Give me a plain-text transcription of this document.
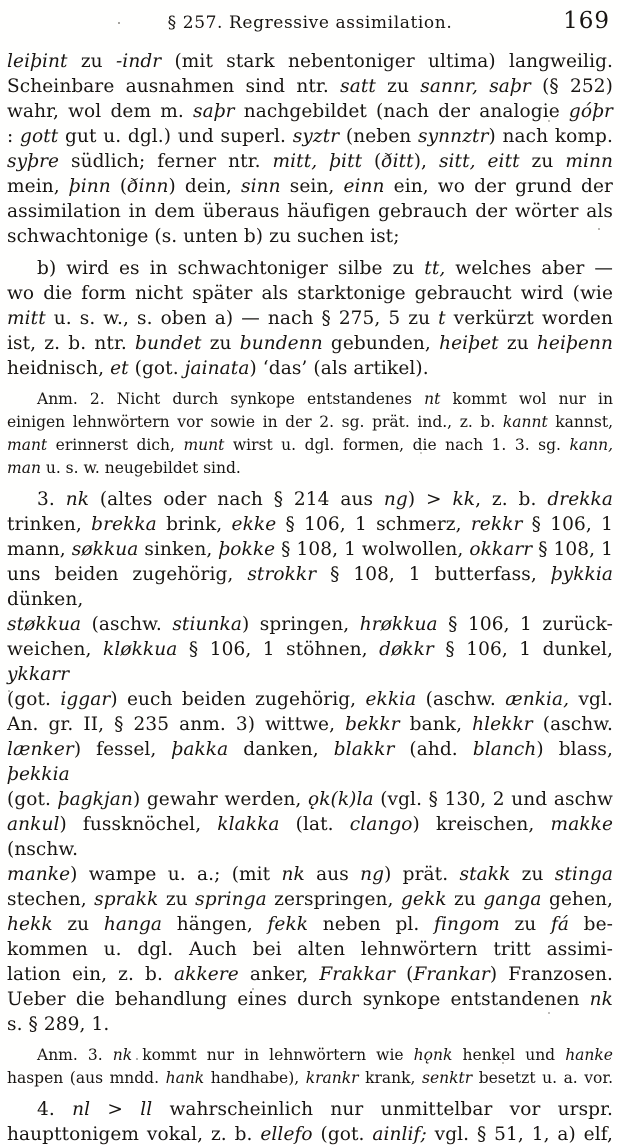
§ 257. Regressive assimilation.	169

leiþint zu -indr (mit stark nebentoniger ultima) langweilig.
Scheinbare ausnahmen sind ntr. satt zu sannr, saþr (§ 252)
wahr, wol dem m. saþr nachgebildet (nach der analogie góþr
: gott gut u. dgl.) und superl. syztr (neben synnztr) nach komp.
syþre südlich; ferner ntr. mitt, þitt (ðitt), sitt, eitt zu minn
mein, þinn (ðinn) dein, sinn sein, einn ein, wo der grund der
assimilation in dem überaus häufigen gebrauch der wörter als
schwachtonige (s. unten b) zu suchen ist;

b) wird es in schwachtoniger silbe zu tt, welches aber —
wo die form nicht später als starktonige gebraucht wird (wie
mitt u. s. w., s. oben a) — nach § 275, 5 zu t verkürzt worden
ist, z. b. ntr. bundet zu bundenn gebunden, heiþet zu heiþenn
heidnisch, et (got. jainata) ‘das’ (als artikel).

Anm. 2. Nicht durch synkope entstandenes nt kommt wol nur in
einigen lehnwörtern vor sowie in der 2. sg. prät. ind., z. b. kannt kannst,
mant erinnerst dich, munt wirst u. dgl. formen, die nach 1. 3. sg. kann,
man u. s. w. neugebildet sind.

3. nk (altes oder nach § 214 aus ng) > kk, z. b. drekka
trinken, brekka brink, ekke § 106, 1 schmerz, rekkr § 106, 1
mann, søkkua sinken, þokke § 108, 1 wolwollen, okkarr § 108, 1
uns beiden zugehörig, strokkr § 108, 1 butterfass, þykkia dünken,
støkkua (aschw. stiunka) springen, hrøkkua § 106, 1 zurück-
weichen, kløkkua § 106, 1 stöhnen, døkkr § 106, 1 dunkel, ykkarr
(got. iggar) euch beiden zugehörig, ekkia (aschw. ænkia, vgl.
An. gr. II, § 235 anm. 3) wittwe, bekkr bank, hlekkr (aschw.
lænker) fessel, þakka danken, blakkr (ahd. blanch) blass, þekkia
(got. þagkjan) gewahr werden, ǫk(k)la (vgl. § 130, 2 und aschw
ankul) fussknöchel, klakka (lat. clango) kreischen, makke (nschw.
manke) wampe u. a.; (mit nk aus ng) prät. stakk zu stinga
stechen, sprakk zu springa zerspringen, gekk zu ganga gehen,
hekk zu hanga hängen, fekk neben pl. fingom zu fá be-
kommen u. dgl. Auch bei alten lehnwörtern tritt assimi-
lation ein, z. b. akkere anker, Frakkar (Frankar) Franzosen.
Ueber die behandlung eines durch synkope entstandenen nk
s. § 289, 1.

Anm. 3. nk kommt nur in lehnwörtern wie hǫnk henkel und hanke
haspen (aus mndd. hank handhabe), krankr krank, senktr besetzt u. a. vor.

4. nl > ll wahrscheinlich nur unmittelbar vor urspr.
haupttonigem vokal, z. b. ellefo (got. ainlif; vgl. § 51, 1, a) elf,
